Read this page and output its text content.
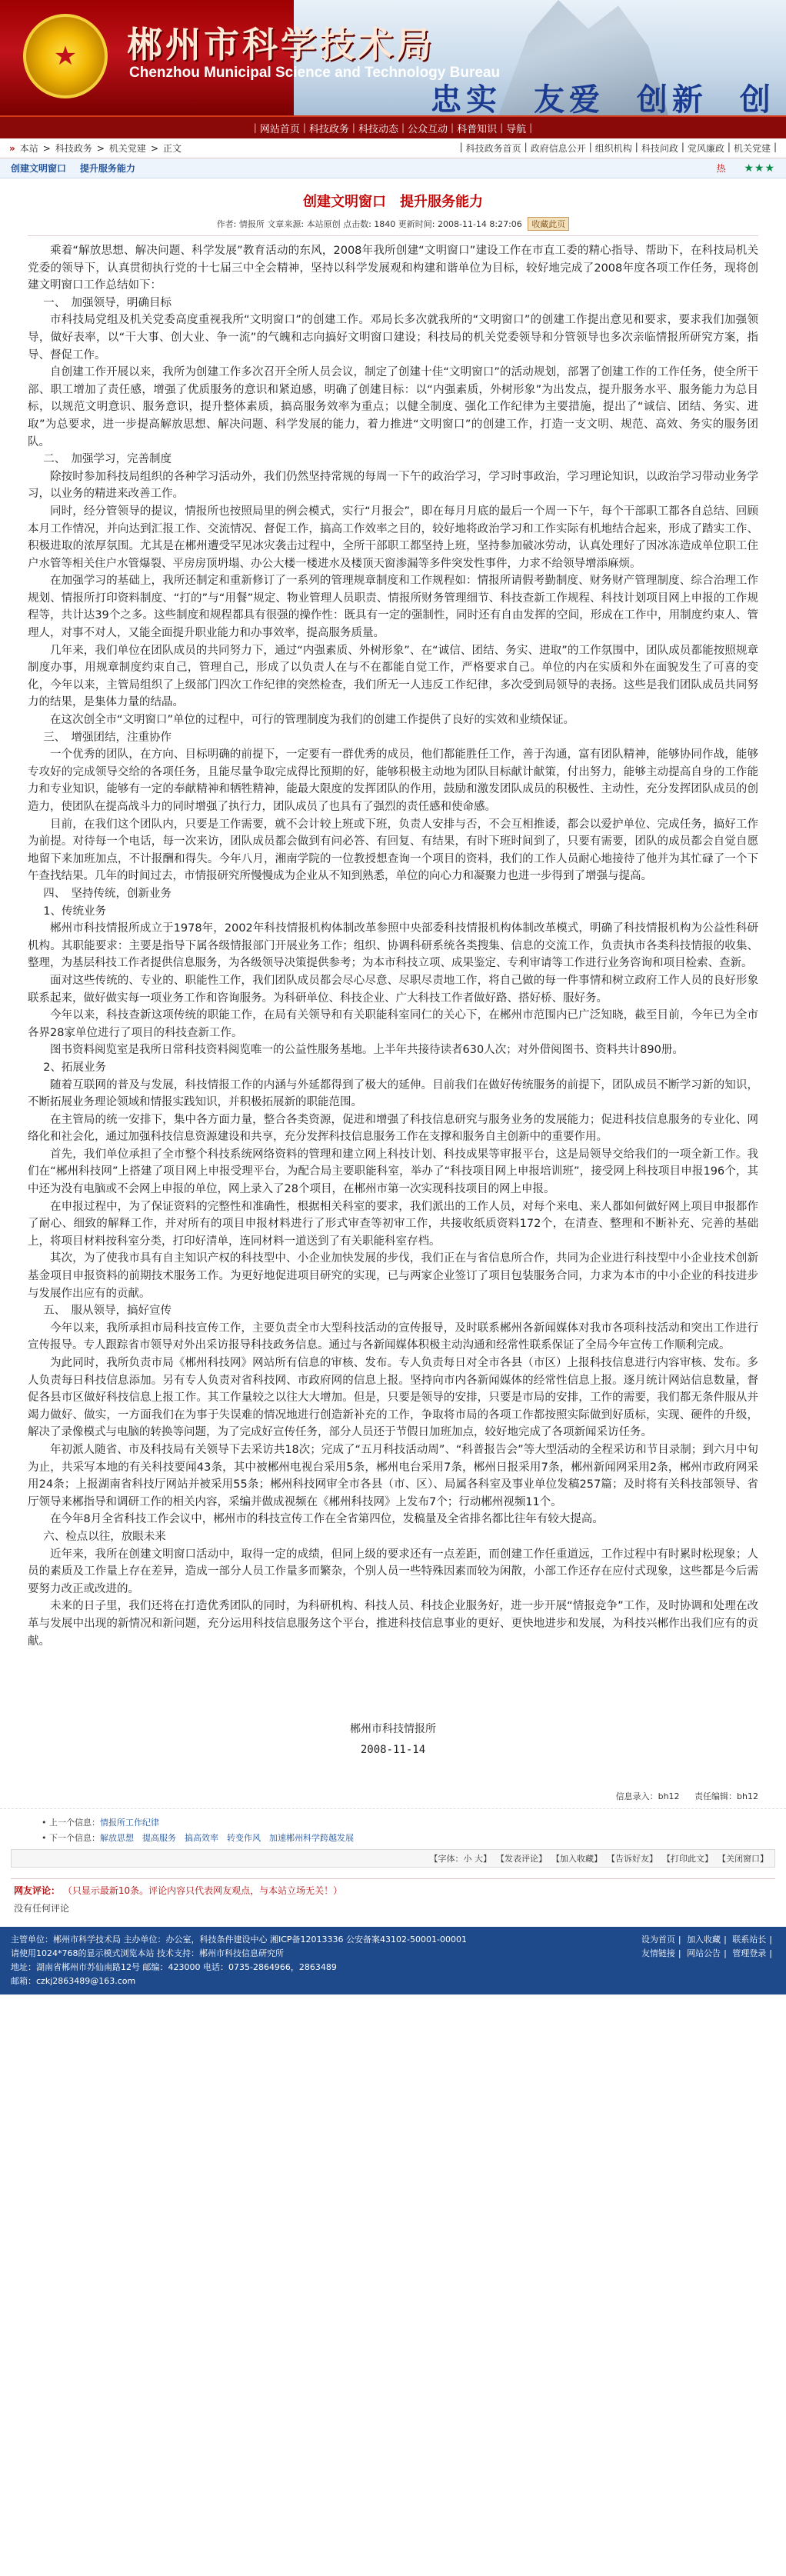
★ 郴州市科学技术局
Chenzhou Municipal Science and Technology Bureau
忠实 友爱 创新 创
| 网站首页 | 科技政务 | 科技动态 | 公众互动 | 科普知识 | 导航 |
» 本站 > 科技政务 > 机关党建 > 正文	| 科技政务首页 | 政府信息公开 | 组织机构 | 科技问政 | 党风廉政 | 机关党建 |
创建文明窗口 提升服务能力	热 ★★★
创建文明窗口　提升服务能力
作者: 情报所 文章来源: 本站原创 点击数: 1840 更新时间: 2008-11-14 8:27:06 收藏此页

乘着“解放思想、解决问题、科学发展”教育活动的东风，2008年我所创建“文明窗口”建设工作在市直工委的精心指导、帮助下，在科技局机关党委的领导下，认真贯彻执行党的十七届三中全会精神，坚持以科学发展观和构建和谐单位为目标，较好地完成了2008年度各项工作任务，现将创建文明窗口工作总结如下：

一、　加强领导，明确目标

市科技局党组及机关党委高度重视我所“文明窗口”的创建工作。邓局长多次就我所的“文明窗口”的创建工作提出意见和要求，要求我们加强领导，做好表率，以“干大事、创大业、争一流”的气魄和志向搞好文明窗口建设；科技局的机关党委领导和分管领导也多次亲临情报所研究方案，指导、督促工作。

自创建工作开展以来，我所为创建工作多次召开全所人员会议，制定了创建十佳“文明窗口”的活动规划，部署了创建工作的工作任务，使全所干部、职工增加了责任感，增强了优质服务的意识和紧迫感，明确了创建目标：以“内强素质，外树形象”为出发点，提升服务水平、服务能力为总目标，以规范文明意识、服务意识，提升整体素质，搞高服务效率为重点；以健全制度、强化工作纪律为主要措施，提出了“诚信、团结、务实、进取”为总要求，进一步提高解放思想、解决问题、科学发展的能力，着力推进“文明窗口”的创建工作，打造一支文明、规范、高效、务实的服务团队。

二、　加强学习，完善制度

除按时参加科技局组织的各种学习活动外，我们仍然坚持常规的每周一下午的政治学习，学习时事政治，学习理论知识，以政治学习带动业务学习，以业务的精进来改善工作。

同时，经分管领导的提议，情报所也按照局里的例会模式，实行“月报会”，即在每月月底的最后一个周一下午，每个干部职工都各自总结、回顾本月工作情况，并向达到汇报工作、交流情况、督促工作，搞高工作效率之目的，较好地将政治学习和工作实际有机地结合起来，形成了踏实工作、积极进取的浓厚氛围。尤其是在郴州遭受罕见冰灾袭击过程中，全所干部职工都坚持上班，坚持参加破冰劳动，认真处理好了因冰冻造成单位职工住户水管等相关住户水管爆裂、平房房顶坍塌、办公大楼一楼进水及楼顶天窗渗漏等多件突发性事件，力求不给领导增添麻烦。

在加强学习的基础上，我所还制定和重新修订了一系列的管理规章制度和工作规程如：情报所请假考勤制度、财务财产管理制度、综合治理工作规划、情报所打印资料制度、“打的”与“用餐”规定、物业管理人员职责、情报所财务管理细节、科技查新工作规程、科技计划项目网上申报的工作规程等，共计达39个之多。这些制度和规程都具有很强的操作性：既具有一定的强制性，同时还有自由发挥的空间，形成在工作中，用制度约束人、管理人，对事不对人，又能全面提升职业能力和办事效率，提高服务质量。

几年来，我们单位在团队成员的共同努力下，通过“内强素质、外树形象”、在“诚信、团结、务实、进取”的工作氛围中，团队成员都能按照规章制度办事，用规章制度约束自己，管理自己，形成了以负责人在与不在都能自觉工作，严格要求自己。单位的内在实质和外在面貌发生了可喜的变化，今年以来，主管局组织了上级部门四次工作纪律的突然检查，我们所无一人违反工作纪律，多次受到局领导的表扬。这些是我们团队成员共同努力的结果，是集体力量的结晶。

在这次创全市“文明窗口”单位的过程中，可行的管理制度为我们的创建工作提供了良好的实效和业绩保证。

三、　增强团结，注重协作

一个优秀的团队，在方向、目标明确的前提下，一定要有一群优秀的成员，他们都能胜任工作，善于沟通，富有团队精神，能够协同作战，能够专攻好的完成领导交给的各项任务，且能尽量争取完成得比预期的好，能够积极主动地为团队目标献计献策，付出努力，能够主动提高自身的工作能力和专业知识，能够有一定的奉献精神和牺牲精神，能最大限度的发挥团队的作用，鼓励和激发团队成员的积极性、主动性，充分发挥团队成员的创造力，使团队在提高战斗力的同时增强了执行力，团队成员了也具有了强烈的责任感和使命感。

目前，在我们这个团队内，只要是工作需要，就不会计较上班或下班，负责人安排与否，不会互相推诿，都会以爱护单位、完成任务，搞好工作为前提。对待每一个电话，每一次来访，团队成员都会做到有问必答、有回复、有结果，有时下班时间到了，只要有需要，团队的成员都会自觉自愿地留下来加班加点，不计报酬和得失。今年八月，湘南学院的一位教授想查询一个项目的资料，我们的工作人员耐心地接待了他并为其忙碌了一个下午查找结果。几年的时间过去，市情报研究所慢慢成为企业从不知到熟悉，单位的向心力和凝聚力也进一步得到了增强与提高。

四、　坚持传统，创新业务

1、传统业务

郴州市科技情报所成立于1978年，2002年科技情报机构体制改革参照中央部委科技情报机构体制改革模式，明确了科技情报机构为公益性科研机构。其职能要求：主要是指导下属各级情报部门开展业务工作；组织、协调科研系统各类搜集、信息的交流工作，负责执市各类科技情报的收集、整理，为基层科技工作者提供信息服务，为各级领导决策提供参考；为本市科技立项、成果鉴定、专利审请等工作进行业务咨询和项目检索、查新。

面对这些传统的、专业的、职能性工作，我们团队成员都会尽心尽意、尽职尽责地工作，将自己做的每一件事情和树立政府工作人员的良好形象联系起来，做好做实每一项业务工作和咨询服务。为科研单位、科技企业、广大科技工作者做好路、搭好桥、服好务。

今年以来，科技查新这项传统的职能工作，在局有关领导和有关职能科室同仁的关心下，在郴州市范围内已广泛知晓，截至目前，今年已为全市各界28家单位进行了项目的科技查新工作。

图书资料阅览室是我所日常科技资料阅览唯一的公益性服务基地。上半年共接待读者630人次；对外借阅图书、资料共计890册。

2、拓展业务

随着互联网的普及与发展，科技情报工作的内涵与外延都得到了极大的延伸。目前我们在做好传统服务的前提下，团队成员不断学习新的知识，不断拓展业务理论领域和情报实践知识，并积极拓展新的职能范围。

在主管局的统一安排下，集中各方面力量，整合各类资源，促进和增强了科技信息研究与服务业务的发展能力；促进科技信息服务的专业化、网络化和社会化，通过加强科技信息资源建设和共享，充分发挥科技信息服务工作在支撑和服务自主创新中的重要作用。

首先，我们单位承担了全市整个科技系统网络资料的管理和建立网上科技计划、科技成果等审报平台，这是局领导交给我们的一项全新工作。我们在“郴州科技网”上搭建了项目网上申报受理平台，为配合局主要职能科室，举办了“科技项目网上申报培训班”，接受网上科技项目申报196个，其中还为没有电脑或不会网上申报的单位，网上录入了28个项目，在郴州市第一次实现科技项目的网上申报。

在申报过程中，为了保证资料的完整性和准确性，根据相关科室的要求，我们派出的工作人员，对每个来电、来人都如何做好网上项目申报都作了耐心、细致的解释工作，并对所有的项目申报材料进行了形式审查等初审工作，共接收纸质资料172个，在清查、整理和不断补充、完善的基础上，将项目材料按科室分类，打印好清单，连同材料一道送到了有关职能科室存档。

其次，为了使我市具有自主知识产权的科技型中、小企业加快发展的步伐，我们正在与省信息所合作，共同为企业进行科技型中小企业技术创新基金项目申报资料的前期技术服务工作。为更好地促进项目研究的实现，已与两家企业签订了项目包装服务合同，力求为本市的中小企业的科技进步与发展作出应有的贡献。

五、　服从领导，搞好宣传

今年以来，我所承担市局科技宣传工作，主要负责全市大型科技活动的宣传报导，及时联系郴州各新闻媒体对我市各项科技活动和突出工作进行宣传报导。专人跟踪省市领导对外出采访报导科技政务信息。通过与各新闻媒体积极主动沟通和经常性联系保证了全局今年宣传工作顺利完成。

为此同时，我所负责市局《郴州科技网》网站所有信息的审核、发布。专人负责每日对全市各县（市区）上报科技信息进行内容审核、发布。多人负责每日科技信息添加。另有专人负责对省科技网、市政府网的信息上报。坚持向市内各新闻媒体的经常性信息上报。逐月统计网站信息数量，督促各县市区做好科技信息上报工作。其工作量较之以往大大增加。但是，只要是领导的安排，只要是市局的安排，工作的需要，我们都无条件服从并竭力做好、做实，一方面我们在为事于失误难的情况地进行创造新补充的工作，争取将市局的各项工作都按照实际做到好质标，实现、硬件的升级，解决了录像模式与电脑的转换等问题，为了完成好宣传任务，部分人员还于节假日加班加点，较好地完成了各项新闻采访任务。

年初派人随省、市及科技局有关领导下去采访共18次；完成了“五月科技活动周”、“科普报告会”等大型活动的全程采访和节目录制；到六月中旬为止，共采写本地的有关科技要闻43条，其中被郴州电视台采用5条，郴州电台采用7条，郴州日报采用7条，郴州新闻网采用2条，郴州市政府网采用24条；上报湖南省科技厅网站并被采用55条；郴州科技网审全市各县（市、区）、局属各科室及事业单位发稿257篇；及时将有关科技部领导、省厅领导来郴指导和调研工作的相关内容，采编并做成视频在《郴州科技网》上发布7个；行动郴州视频11个。

在今年8月全省科技工作会议中，郴州市的科技宣传工作在全省第四位，发稿量及全省排名都比往年有较大提高。

六、检点以往，放眼未来

近年来，我所在创建文明窗口活动中，取得一定的成绩，但同上级的要求还有一点差距，而创建工作任重道远，工作过程中有时累时松现象；人员的素质及工作量上存在差异，造成一部分人员工作量多而繁杂，个别人员一些特殊因素而较为闲散，小部工作还存在应付式现象，这些都是今后需要努力改正或改进的。

未来的日子里，我们还将在打造优秀团队的同时，为科研机构、科技人员、科技企业服务好，进一步开展“情报竞争”工作，及时协调和处理在改革与发展中出现的新情况和新问题，充分运用科技信息服务这个平台，推进科技信息事业的更好、更快地进步和发展，为科技兴郴作出我们应有的贡献。

郴州市科技情报所
2008-11-14
信息录入：bh12 责任编辑：bh12
• 上一个信息：情报所工作纪律
• 下一个信息：解放思想　提高服务　搞高效率　转变作风　加速郴州科学跨越发展
【字体：小 大】 【发表评论】 【加入收藏】 【告诉好友】 【打印此文】 【关闭窗口】
网友评论： （只显示最新10条。评论内容只代表网友观点，与本站立场无关！）
没有任何评论
主管单位：郴州市科学技术局 主办单位：办公室，科技条件建设中心 湘ICP备12013336 公安备案43102-50001-00001
请使用1024*768的显示模式浏览本站 技术支持：郴州市科技信息研究所
地址：湖南省郴州市苏仙南路12号 邮编：423000 电话：0735-2864966，2863489
邮箱：czkj2863489@163.com
设为首页 | 加入收藏 | 联系站长 |
友情链接 | 网站公告 | 管理登录 |
